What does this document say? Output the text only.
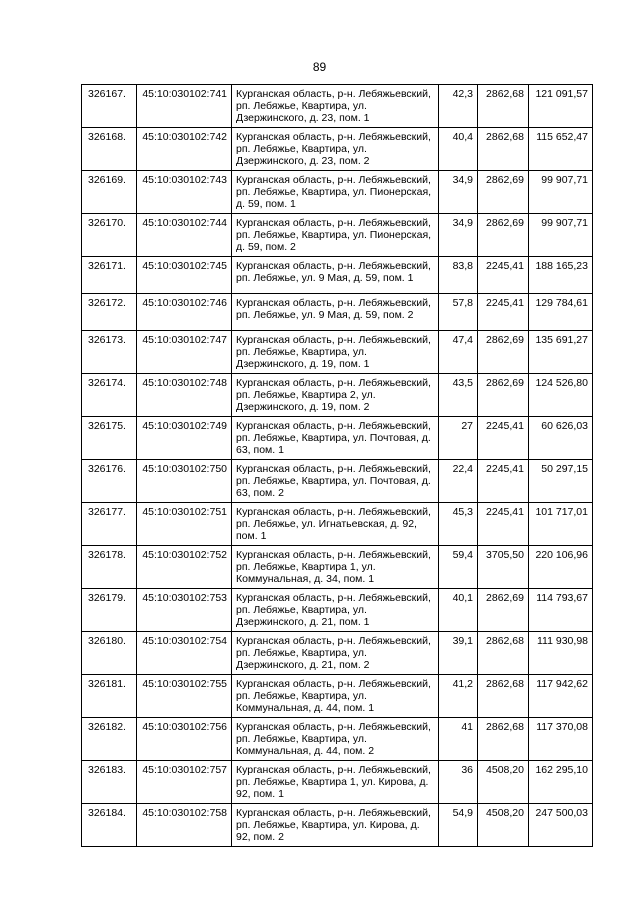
89
326167.	45:10:030102:741	Курганская область, р-н. Лебяжьевский, рп. Лебяжье, Квартира, ул. Дзержинского, д. 23, пом. 1	42,3	2862,68	121 091,57
326168.	45:10:030102:742	Курганская область, р-н. Лебяжьевский, рп. Лебяжье, Квартира, ул. Дзержинского, д. 23, пом. 2	40,4	2862,68	115 652,47
326169.	45:10:030102:743	Курганская область, р-н. Лебяжьевский, рп. Лебяжье, Квартира, ул. Пионерская, д. 59, пом. 1	34,9	2862,69	99 907,71
326170.	45:10:030102:744	Курганская область, р-н. Лебяжьевский, рп. Лебяжье, Квартира, ул. Пионерская, д. 59, пом. 2	34,9	2862,69	99 907,71
326171.	45:10:030102:745	Курганская область, р-н. Лебяжьевский, рп. Лебяжье, ул. 9 Мая, д. 59, пом. 1	83,8	2245,41	188 165,23
326172.	45:10:030102:746	Курганская область, р-н. Лебяжьевский, рп. Лебяжье, ул. 9 Мая, д. 59, пом. 2	57,8	2245,41	129 784,61
326173.	45:10:030102:747	Курганская область, р-н. Лебяжьевский, рп. Лебяжье, Квартира, ул. Дзержинского, д. 19, пом. 1	47,4	2862,69	135 691,27
326174.	45:10:030102:748	Курганская область, р-н. Лебяжьевский, рп. Лебяжье, Квартира 2, ул. Дзержинского, д. 19, пом. 2	43,5	2862,69	124 526,80
326175.	45:10:030102:749	Курганская область, р-н. Лебяжьевский, рп. Лебяжье, Квартира, ул. Почтовая, д. 63, пом. 1	27	2245,41	60 626,03
326176.	45:10:030102:750	Курганская область, р-н. Лебяжьевский, рп. Лебяжье, Квартира, ул. Почтовая, д. 63, пом. 2	22,4	2245,41	50 297,15
326177.	45:10:030102:751	Курганская область, р-н. Лебяжьевский, рп. Лебяжье, ул. Игнатьевская, д. 92, пом. 1	45,3	2245,41	101 717,01
326178.	45:10:030102:752	Курганская область, р-н. Лебяжьевский, рп. Лебяжье, Квартира 1, ул. Коммунальная, д. 34, пом. 1	59,4	3705,50	220 106,96
326179.	45:10:030102:753	Курганская область, р-н. Лебяжьевский, рп. Лебяжье, Квартира, ул. Дзержинского, д. 21, пом. 1	40,1	2862,69	114 793,67
326180.	45:10:030102:754	Курганская область, р-н. Лебяжьевский, рп. Лебяжье, Квартира, ул. Дзержинского, д. 21, пом. 2	39,1	2862,68	111 930,98
326181.	45:10:030102:755	Курганская область, р-н. Лебяжьевский, рп. Лебяжье, Квартира, ул. Коммунальная, д. 44, пом. 1	41,2	2862,68	117 942,62
326182.	45:10:030102:756	Курганская область, р-н. Лебяжьевский, рп. Лебяжье, Квартира, ул. Коммунальная, д. 44, пом. 2	41	2862,68	117 370,08
326183.	45:10:030102:757	Курганская область, р-н. Лебяжьевский, рп. Лебяжье, Квартира 1, ул. Кирова, д. 92, пом. 1	36	4508,20	162 295,10
326184.	45:10:030102:758	Курганская область, р-н. Лебяжьевский, рп. Лебяжье, Квартира, ул. Кирова, д. 92, пом. 2	54,9	4508,20	247 500,03
